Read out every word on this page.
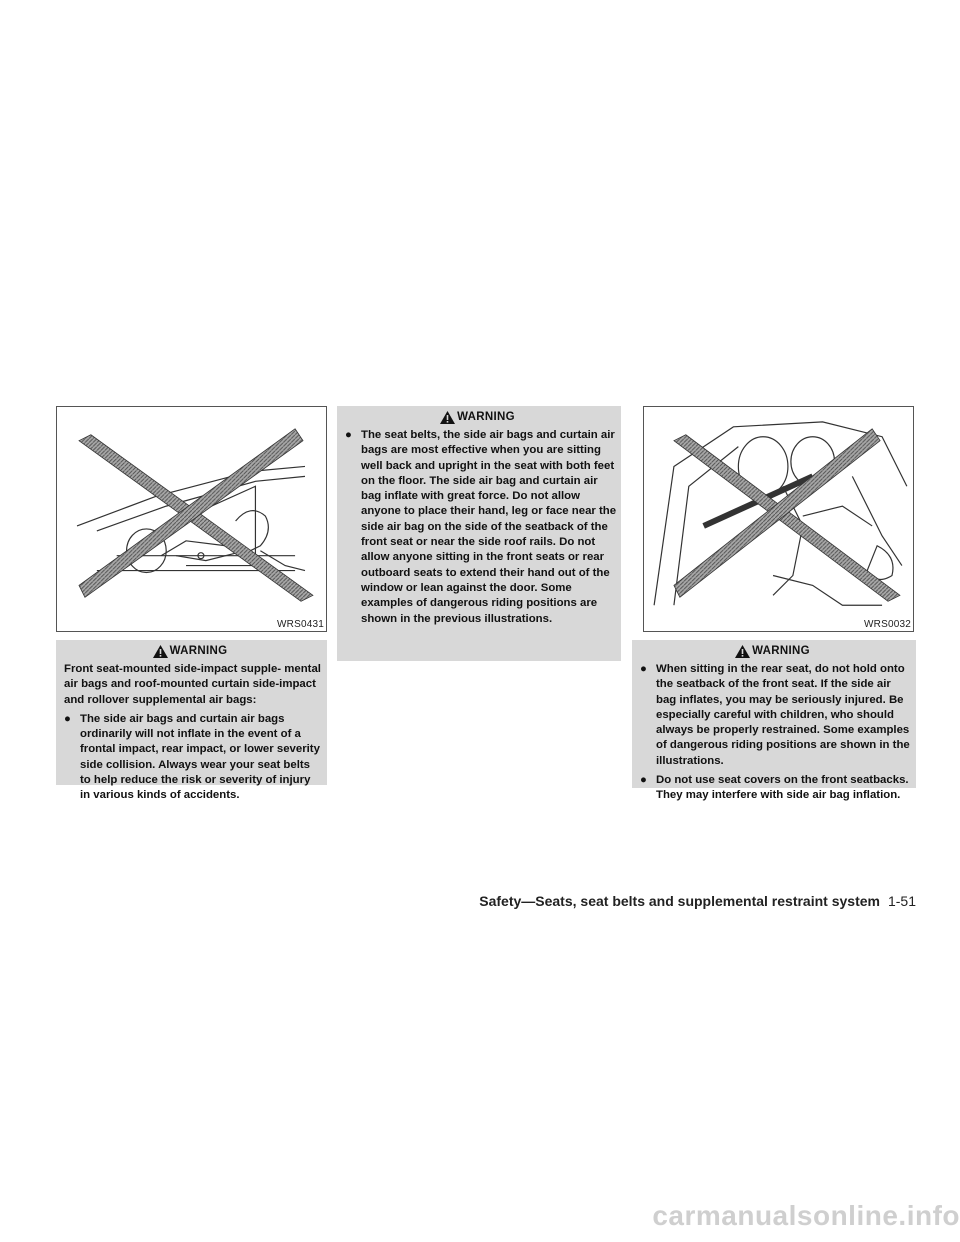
WRS0431	WRS0032
WARNING

Front seat-mounted side-impact supple- mental air bags and roof-mounted curtain side-impact and rollover supplemental air bags:

● The side air bags and curtain air bags ordinarily will not inflate in the event of a frontal impact, rear impact, or lower severity side collision. Always wear your seat belts to help reduce the risk or severity of injury in various kinds of accidents.
WARNING
● The seat belts, the side air bags and curtain air bags are most effective when you are sitting well back and upright in the seat with both feet on the floor. The side air bag and curtain air bag inflate with great force. Do not allow anyone to place their hand, leg or face near the side air bag on the side of the seatback of the front seat or near the side roof rails. Do not allow anyone sitting in the front seats or rear outboard seats to extend their hand out of the window or lean against the door. Some examples of dangerous riding positions are shown in the previous illustrations.
WARNING
● When sitting in the rear seat, do not hold onto the seatback of the front seat. If the side air bag inflates, you may be seriously injured. Be especially careful with children, who should always be properly restrained. Some examples of dangerous riding positions are shown in the illustrations.
● Do not use seat covers on the front seatbacks. They may interfere with side air bag inflation.
Safety—Seats, seat belts and supplemental restraint system 1-51
carmanualsonline.info
